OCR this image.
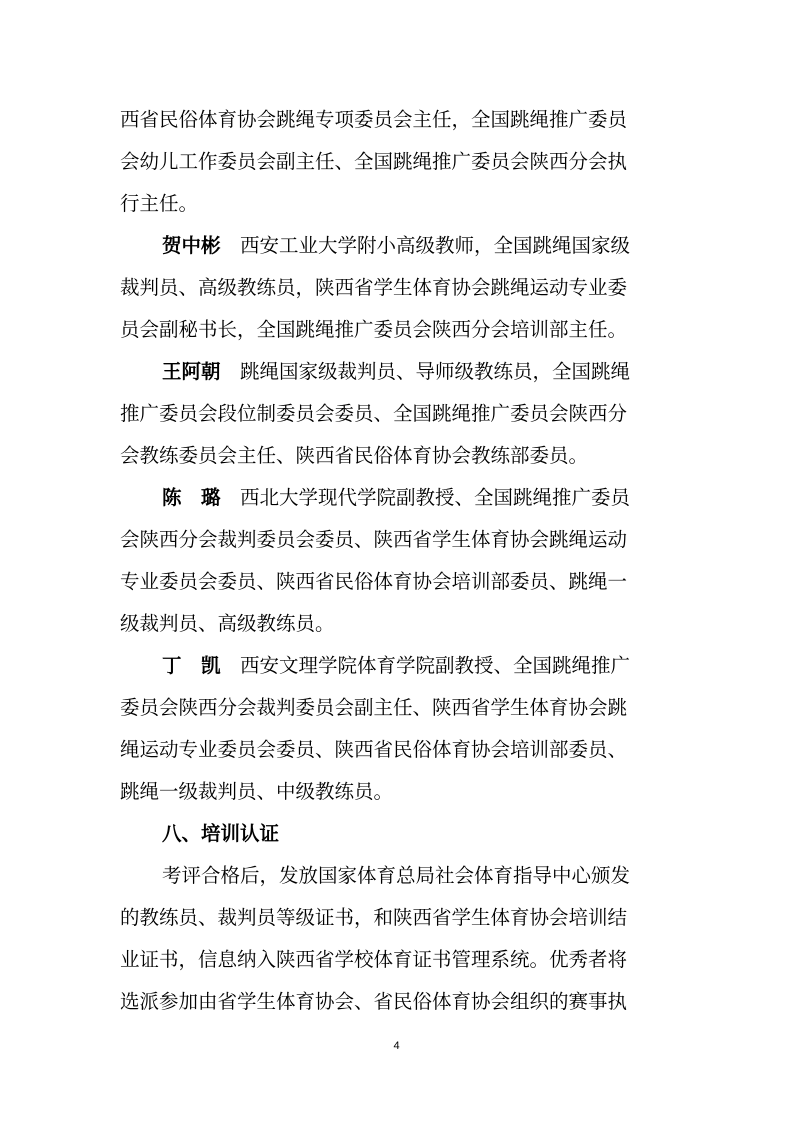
西省民俗体育协会跳绳专项委员会主任，全国跳绳推广委员
会幼儿工作委员会副主任、全国跳绳推广委员会陕西分会执
行主任。
贺中彬　 西安工业大学附小高级教师，全国跳绳国家级
裁判员、高级教练员，陕西省学生体育协会跳绳运动专业委
员会副秘书长，全国跳绳推广委员会陕西分会培训部主任。
王阿朝　 跳绳国家级裁判员、导师级教练员，全国跳绳
推广委员会段位制委员会委员、全国跳绳推广委员会陕西分
会教练委员会主任、陕西省民俗体育协会教练部委员。
陈　璐　 西北大学现代学院副教授、全国跳绳推广委员
会陕西分会裁判委员会委员、陕西省学生体育协会跳绳运动
专业委员会委员、陕西省民俗体育协会培训部委员、跳绳一
级裁判员、高级教练员。
丁　凯　 西安文理学院体育学院副教授、全国跳绳推广
委员会陕西分会裁判委员会副主任、陕西省学生体育协会跳
绳运动专业委员会委员、陕西省民俗体育协会培训部委员、
跳绳一级裁判员、中级教练员。
八、培训认证
考评合格后，发放国家体育总局社会体育指导中心颁发
的教练员、裁判员等级证书，和陕西省学生体育协会培训结
业证书，信息纳入陕西省学校体育证书管理系统。优秀者将
选派参加由省学生体育协会、省民俗体育协会组织的赛事执
4
